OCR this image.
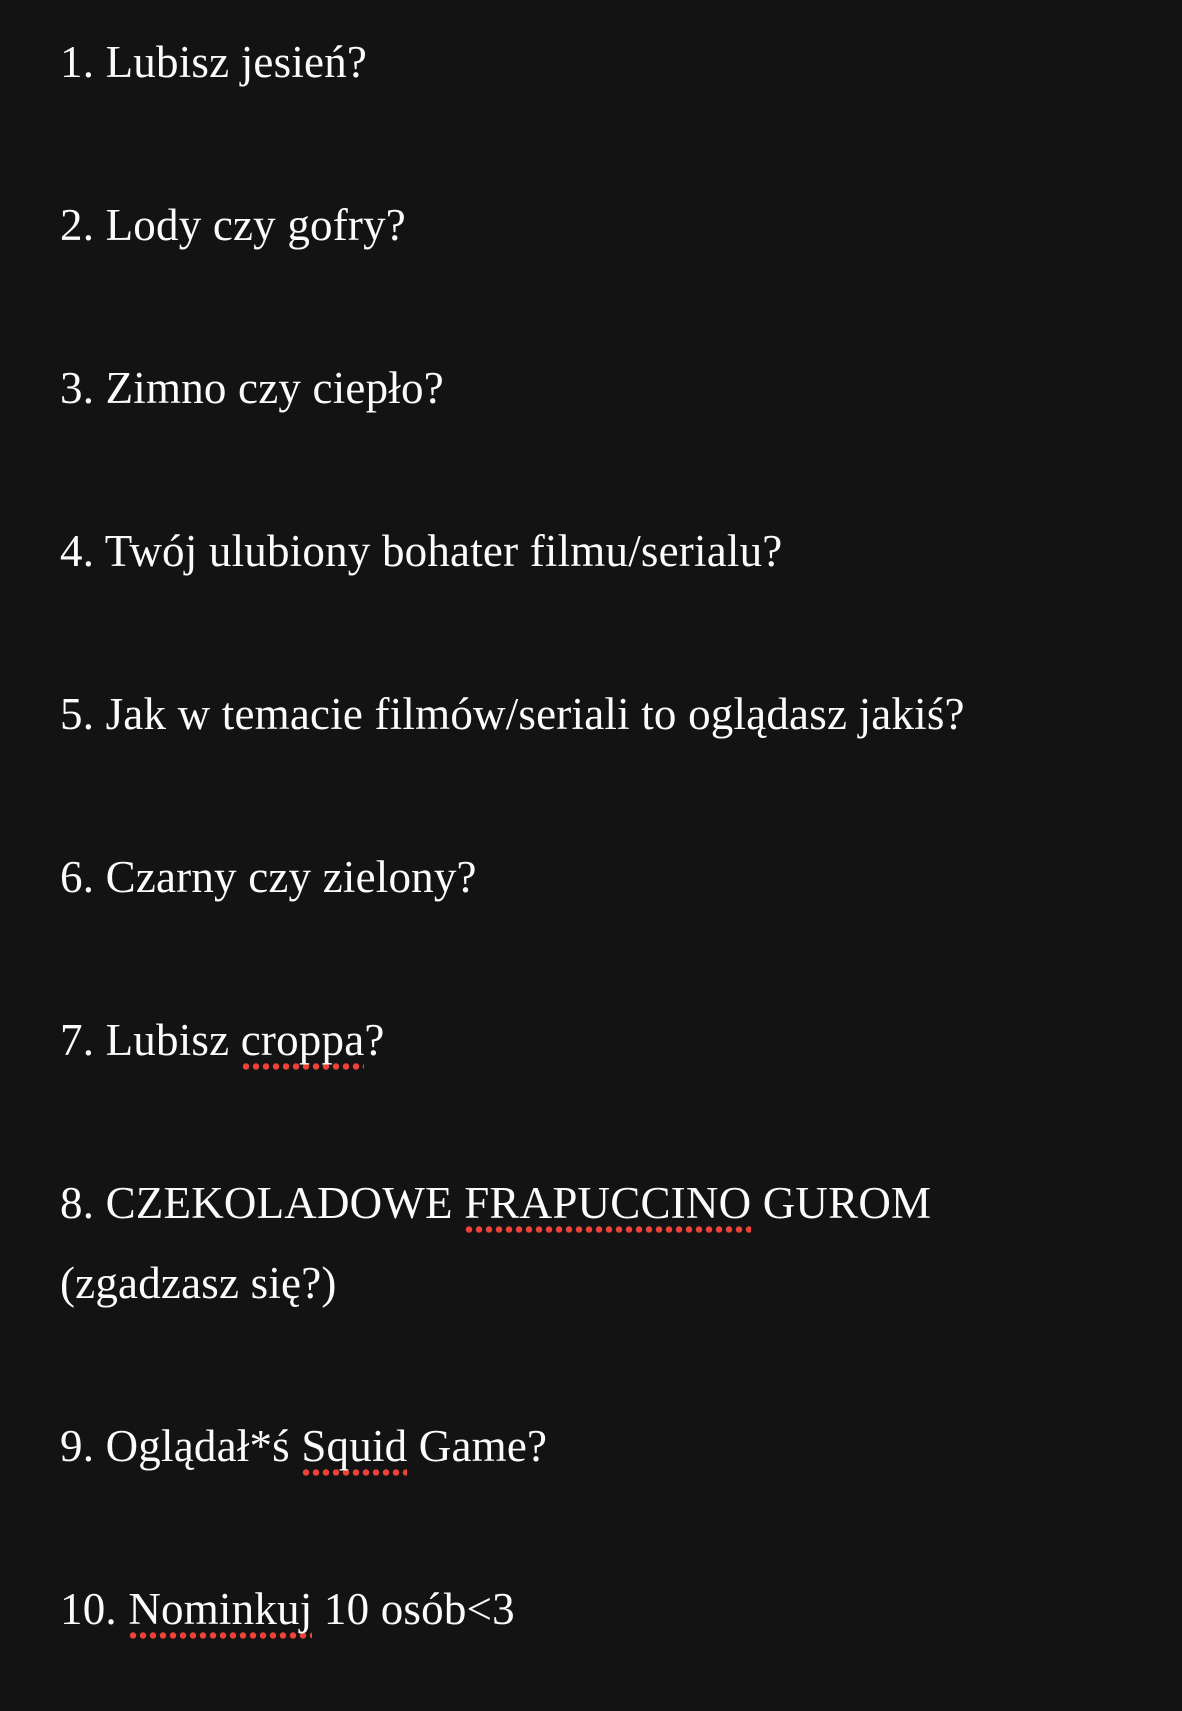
1. Lubisz jesień?

2. Lody czy gofry?

3. Zimno czy ciepło?

4. Twój ulubiony bohater filmu/serialu?

5. Jak w temacie filmów/seriali to oglądasz jakiś?

6. Czarny czy zielony?

7. Lubisz croppa?

8. CZEKOLADOWE FRAPUCCINO GUROM
(zgadzasz się?)

9. Oglądał*ś Squid Game?

10. Nominkuj 10 osób<3
